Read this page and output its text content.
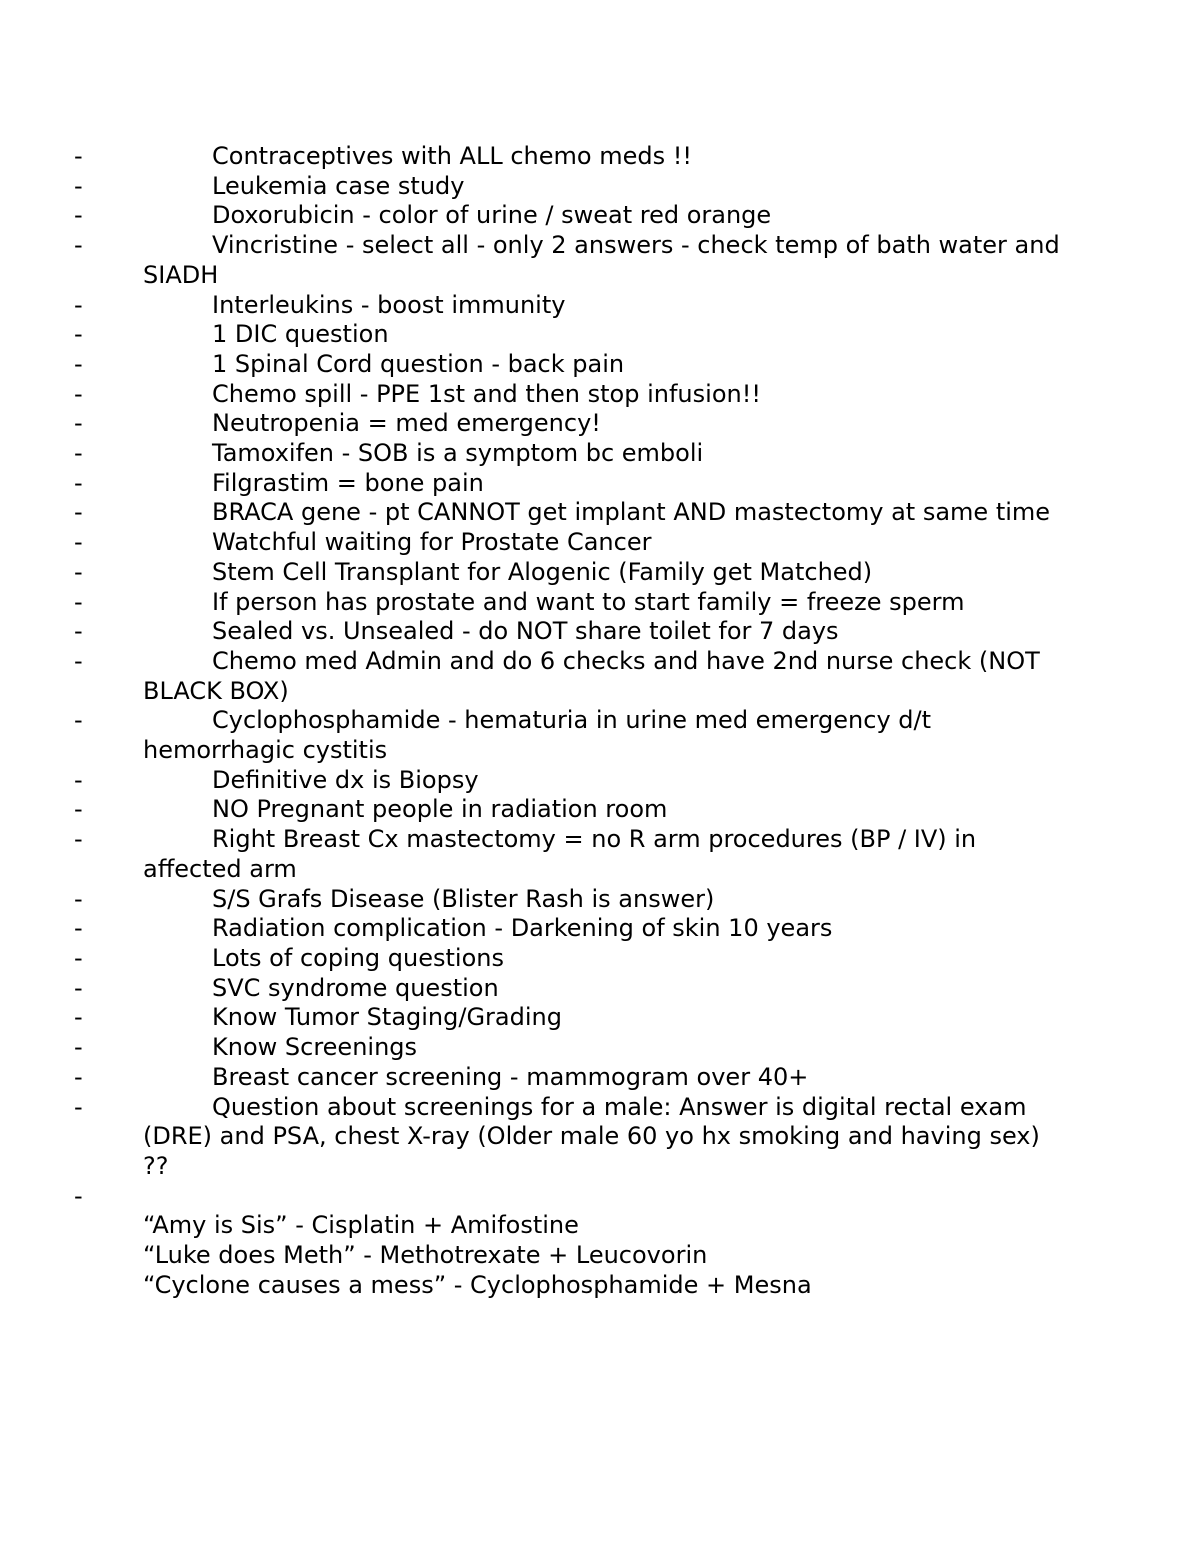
-	Contraceptives with ALL chemo meds !!
-	Leukemia case study
-	Doxorubicin - color of urine / sweat red orange
-	Vincristine - select all - only 2 answers - check temp of bath water and SIADH
-	Interleukins - boost immunity
-	1 DIC question
-	1 Spinal Cord question - back pain
-	Chemo spill - PPE 1st and then stop infusion!!
-	Neutropenia = med emergency!
-	Tamoxifen - SOB is a symptom bc emboli
-	Filgrastim = bone pain
-	BRACA gene - pt CANNOT get implant AND mastectomy at same time
-	Watchful waiting for Prostate Cancer
-	Stem Cell Transplant for Alogenic (Family get Matched)
-	If person has prostate and want to start family = freeze sperm
-	Sealed vs. Unsealed - do NOT share toilet for 7 days
-	Chemo med Admin and do 6 checks and have 2nd nurse check (NOT BLACK BOX)
-	Cyclophosphamide - hematuria in urine med emergency d/t hemorrhagic cystitis
-	Definitive dx is Biopsy
-	NO Pregnant people in radiation room
-	Right Breast Cx mastectomy = no R arm procedures (BP / IV) in affected arm
-	S/S Grafs Disease (Blister Rash is answer)
-	Radiation complication - Darkening of skin 10 years
-	Lots of coping questions
-	SVC syndrome question
-	Know Tumor Staging/Grading
-	Know Screenings
-	Breast cancer screening - mammogram over 40+
-	Question about screenings for a male: Answer is digital rectal exam (DRE) and PSA, chest X-ray (Older male 60 yo hx smoking and having sex) ??
-
“Amy is Sis” - Cisplatin + Amifostine
“Luke does Meth” - Methotrexate + Leucovorin
“Cyclone causes a mess” - Cyclophosphamide + Mesna
